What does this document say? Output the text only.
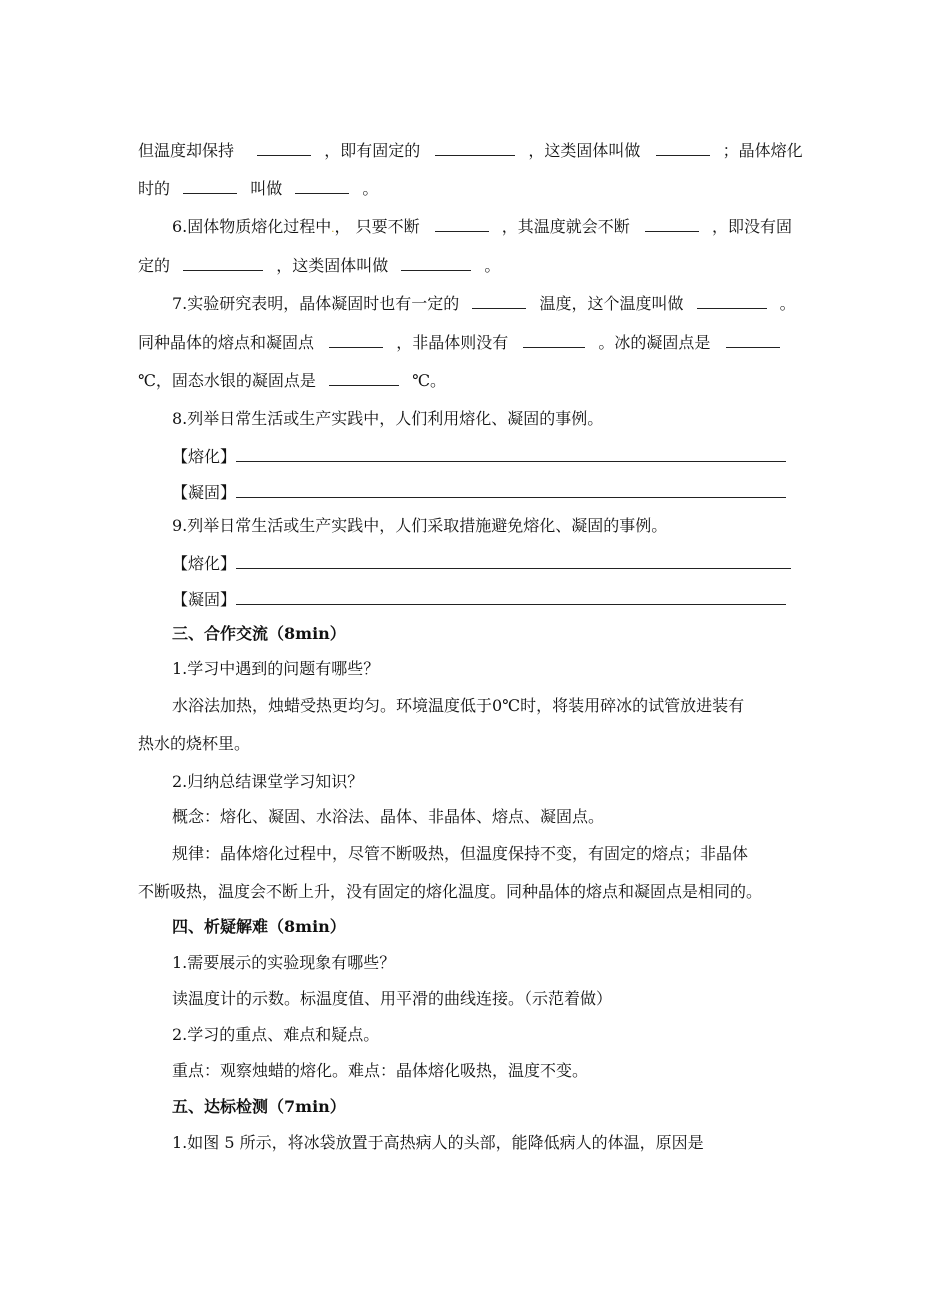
但温度却保持	，即有固定的	，这类固体叫做	；晶体熔化
时的	叫做	。
6.固体物质熔化过程中.， 只要不断	，其温度就会不断	，即没有固
定的	，这类固体叫做	。
7.实验研究表明，晶体凝固时也有一定的	温度，这个温度叫做	。
同种晶体的熔点和凝固点	，非晶体则没有	。冰的凝固点是
℃，固态水银的凝固点是	℃。
8.列举日常生活或生产实践中，人们利用熔化、凝固的事例。
【熔化】
【凝固】
9.列举日常生活或生产实践中，人们采取措施避免熔化、凝固的事例。
【熔化】
【凝固】
三、合作交流（8min）
1.学习中遇到的问题有哪些？
水浴法加热，烛蜡受热更均匀。环境温度低于0℃时，将装用碎冰的试管放进装有
热水的烧杯里。
2.归纳总结课堂学习知识？
概念：熔化、凝固、水浴法、晶体、非晶体、熔点、凝固点。
规律：晶体熔化过程中，尽管不断吸热，但温度保持不变，有固定的熔点；非晶体
不断吸热，温度会不断上升，没有固定的熔化温度。同种晶体的熔点和凝固点是相同的。
四、析疑解难（8min）
1.需要展示的实验现象有哪些？
读温度计的示数。标温度值、用平滑的曲线连接。（示范着做）
2.学习的重点、难点和疑点。
重点：观察烛蜡的熔化。难点：晶体熔化吸热，温度不变。
五、达标检测（7min）
1.如图 5 所示，将冰袋放置于高热病人的头部，能降低病人的体温，原因是
